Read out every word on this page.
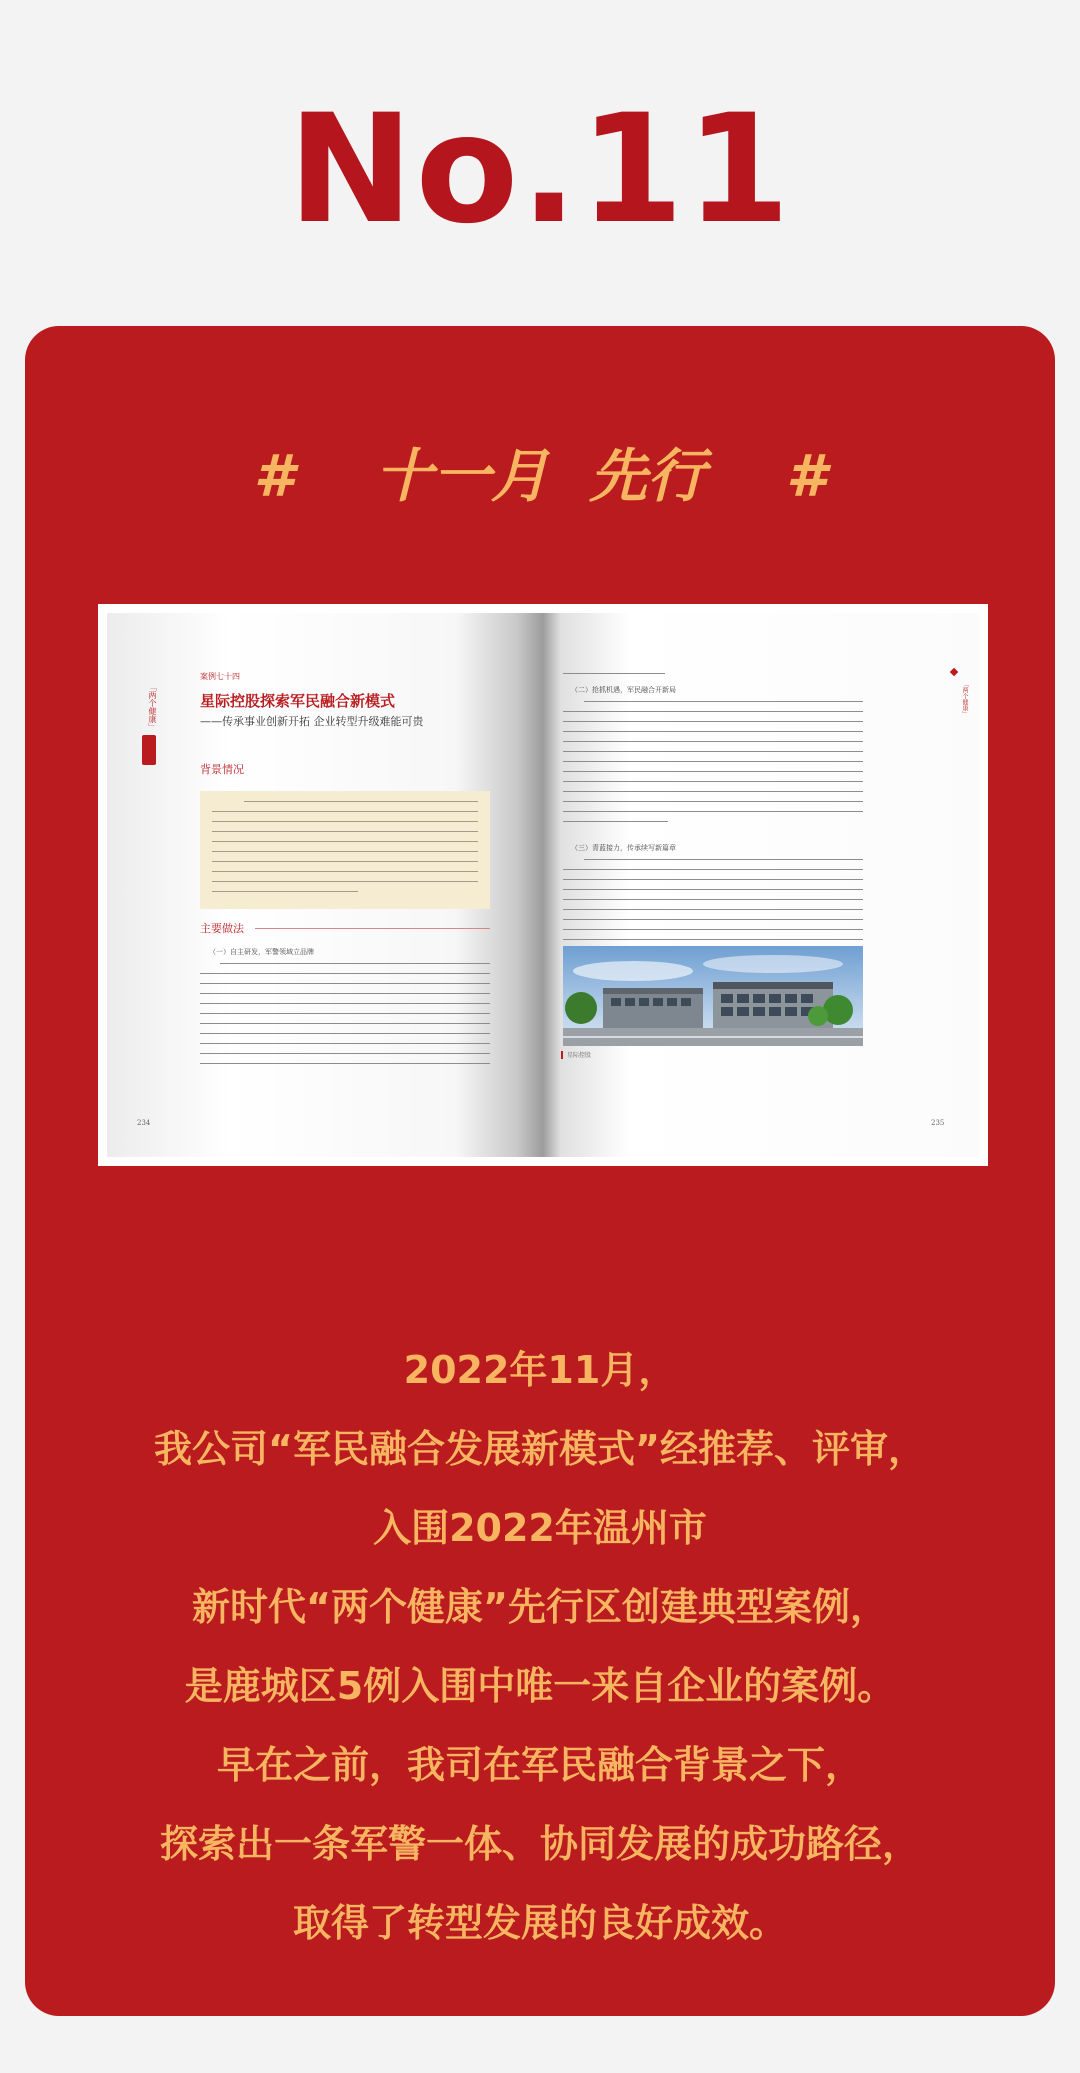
No.11
#    十一月  先行    #
「两个健康」
案例七十四
星际控股探索军民融合新模式
——传承事业创新开拓 企业转型升级难能可贵
背景情况
主要做法
（一）自主研发，军警领域立品牌
234
「两个健康」
（二）抢抓机遇，军民融合开新局
（三）青蓝接力，传承续写新篇章
星际控股
235
2022年11月，
我公司“军民融合发展新模式”经推荐、评审，
入围2022年温州市
新时代“两个健康”先行区创建典型案例，
是鹿城区5例入围中唯一来自企业的案例。
早在之前，我司在军民融合背景之下，
探索出一条军警一体、协同发展的成功路径，
取得了转型发展的良好成效。
